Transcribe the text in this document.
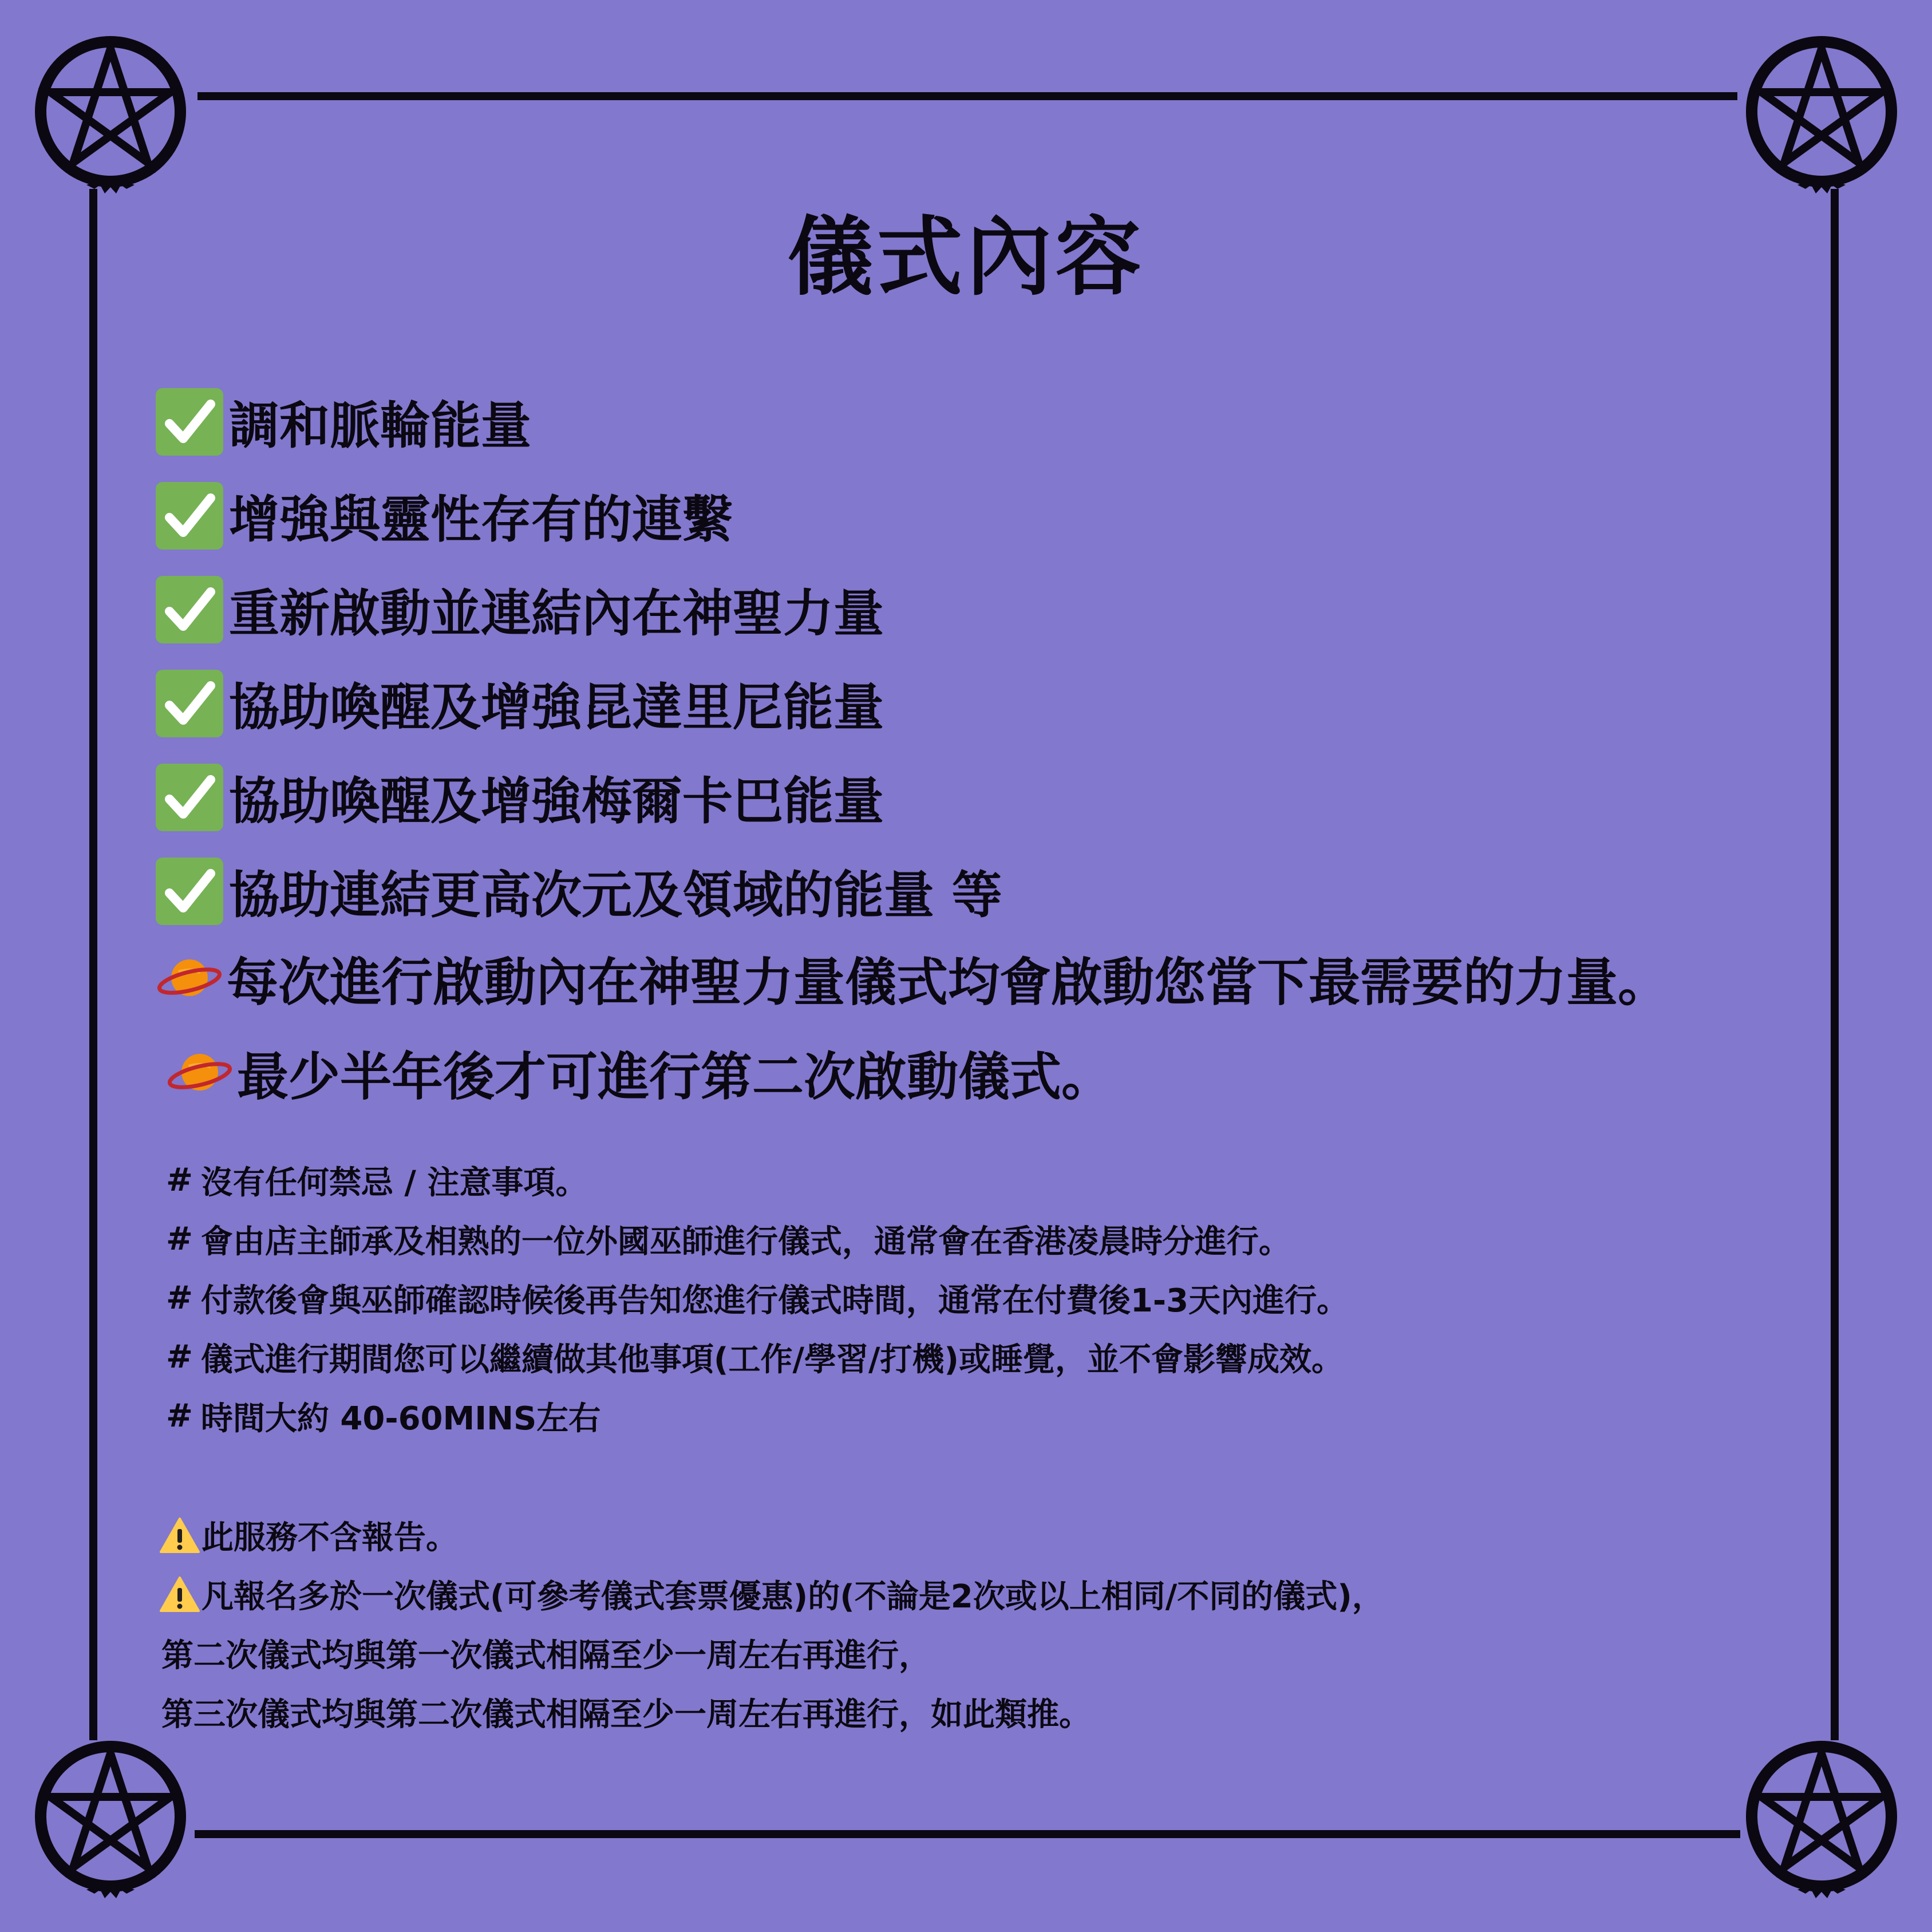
儀式內容
調和脈輪能量
增強與靈性存有的連繫
重新啟動並連結內在神聖力量
協助喚醒及增強昆達里尼能量
協助喚醒及增強梅爾卡巴能量
協助連結更高次元及領域的能量 等
每次進行啟動內在神聖力量儀式均會啟動您當下最需要的力量。
最少半年後才可進行第二次啟動儀式。
# 沒有任何禁忌 / 注意事項。
# 會由店主師承及相熟的一位外國巫師進行儀式，通常會在香港凌晨時分進行。
# 付款後會與巫師確認時候後再告知您進行儀式時間，通常在付費後1-3天內進行。
# 儀式進行期間您可以繼續做其他事項(工作/學習/打機)或睡覺，並不會影響成效。
# 時間大約 40-60MINS左右
此服務不含報告。
凡報名多於一次儀式(可參考儀式套票優惠)的(不論是2次或以上相同/不同的儀式)，
第二次儀式均與第一次儀式相隔至少一周左右再進行，
第三次儀式均與第二次儀式相隔至少一周左右再進行，如此類推。
